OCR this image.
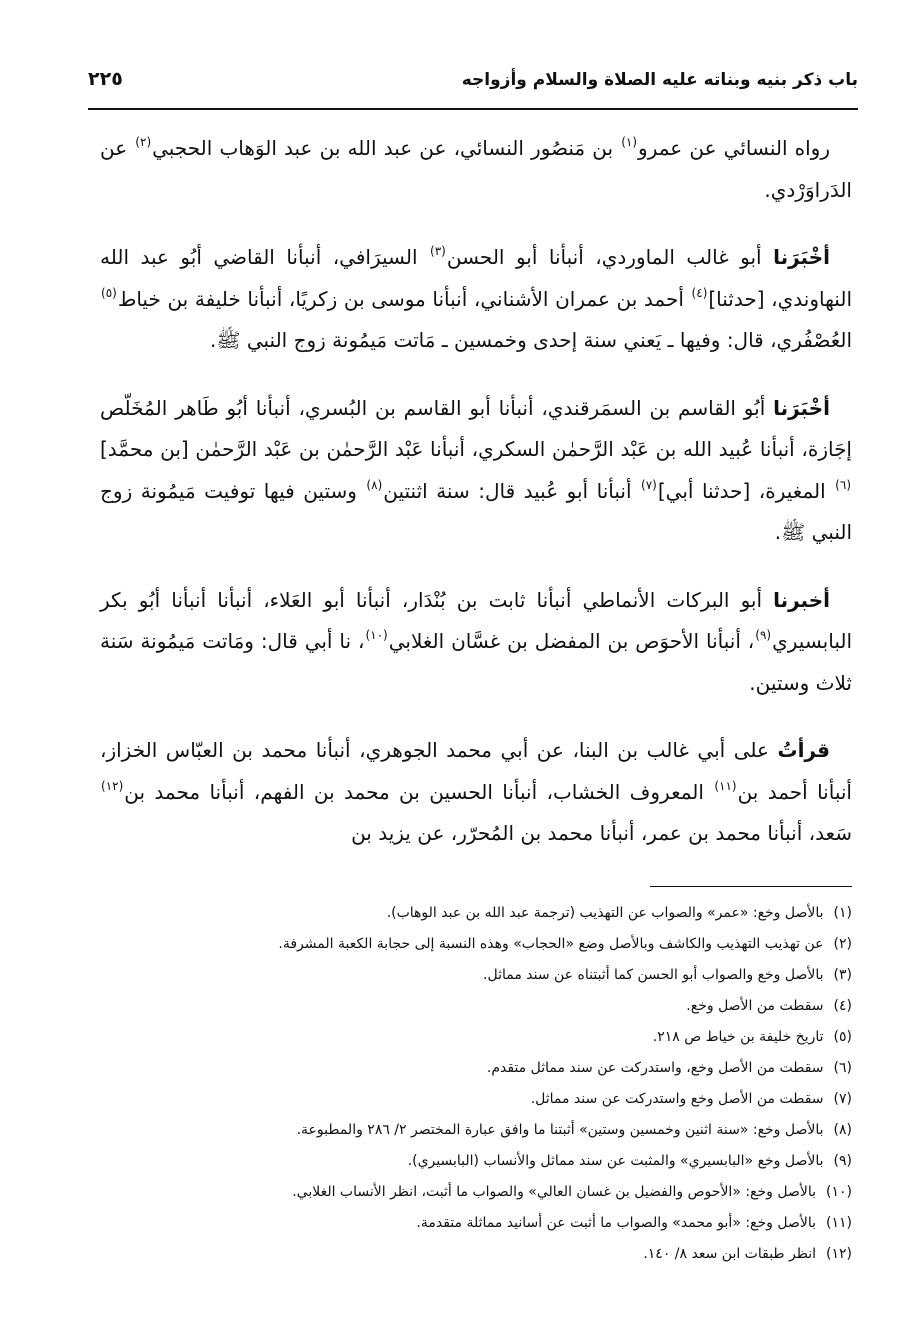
باب ذكر بنيه وبناته عليه الصلاة والسلام وأزواجه
٢٢٥

رواه النسائي عن عمرو$^{(١)}$ بن مَنصُور النسائي، عن عبد الله بن عبد الوَهاب الحجبي$^{(٢)}$ عن الدَراوَرْدي.

أخْبَرَنا أبو غالب الماوردي، أنبأنا أبو الحسن$^{(٣)}$ السيرَافي، أنبأنا القاضي أبُو عبد الله النهاوندي، [حدثنا]$^{(٤)}$ أحمد بن عمران الأشناني، أنبأنا موسى بن زكريًا، أنبأنا خليفة بن خياط$^{(٥)}$ العُصْفُري، قال: وفيها ـ يَعني سنة إحدى وخمسين ـ مَاتت مَيمُونة زوج النبي ﷺ.

أخْبَرَنا أبُو القاسم بن السمَرقندي، أنبأنا أبو القاسم بن البُسري، أنبأنا أبُو طَاهر المُخَلّص إجَازة، أنبأنا عُبيد الله بن عَبْد الرَّحمٰن السكري، أنبأنا عَبْد الرَّحمٰن بن عَبْد الرَّحمٰن [بن محمَّد]$^{(٦)}$ المغيرة، [حدثنا أبي]$^{(٧)}$ أنبأنا أبو عُبيد قال: سنة اثنتين$^{(٨)}$ وستين فيها توفيت مَيمُونة زوج النبي ﷺ.

أخبرنا أبو البركات الأنماطي أنبأنا ثابت بن بُنْدَار، أنبأنا أبو العَلاء، أنبأنا أنبأنا أبُو بكر البابسيري$^{(٩)}$، أنبأنا الأحوَص بن المفضل بن غسَّان الغلابي$^{(١٠)}$، نا أبي قال: ومَاتت مَيمُونة سَنة ثلاث وستين.

قرأتُ على أبي غالب بن البنا، عن أبي محمد الجوهري، أنبأنا محمد بن العبّاس الخزاز، أنبأنا أحمد بن$^{(١١)}$ المعروف الخشاب، أنبأنا الحسين بن محمد بن الفهم، أنبأنا محمد بن$^{(١٢)}$ سَعد، أنبأنا محمد بن عمر، أنبأنا محمد بن المُحرّر، عن يزيد بن

(١)بالأصل وخع: «عمر» والصواب عن التهذيب (ترجمة عبد الله بن عبد الوهاب).
(٢)عن تهذيب التهذيب والكاشف وبالأصل وضع «الحجاب» وهذه النسبة إلى حجابة الكعبة المشرفة.
(٣)بالأصل وخع والصواب أبو الحسن كما أثبتناه عن سند مماثل.
(٤)سقطت من الأصل وخع.
(٥)تاريخ خليفة بن خياط ص ٢١٨.
(٦)سقطت من الأصل وخع، واستدركت عن سند مماثل متقدم.
(٧)سقطت من الأصل وخع واستدركت عن سند مماثل.
(٨)بالأصل وخع: «سنة اثنين وخمسين وستين» أثبتنا ما وافق عبارة المختصر ٢/ ٢٨٦ والمطبوعة.
(٩)بالأصل وخع «البابسيري» والمثبت عن سند مماثل والأنساب (البابسيري).
(١٠)بالأصل وخع: «الأحوص والفضيل بن غسان العالي» والصواب ما أثبت، انظر الأنساب الغلابي.
(١١)بالأصل وخع: «أبو محمد» والصواب ما أثبت عن أسانيد مماثلة متقدمة.
(١٢)انظر طبقات ابن سعد ٨/ ١٤٠.
